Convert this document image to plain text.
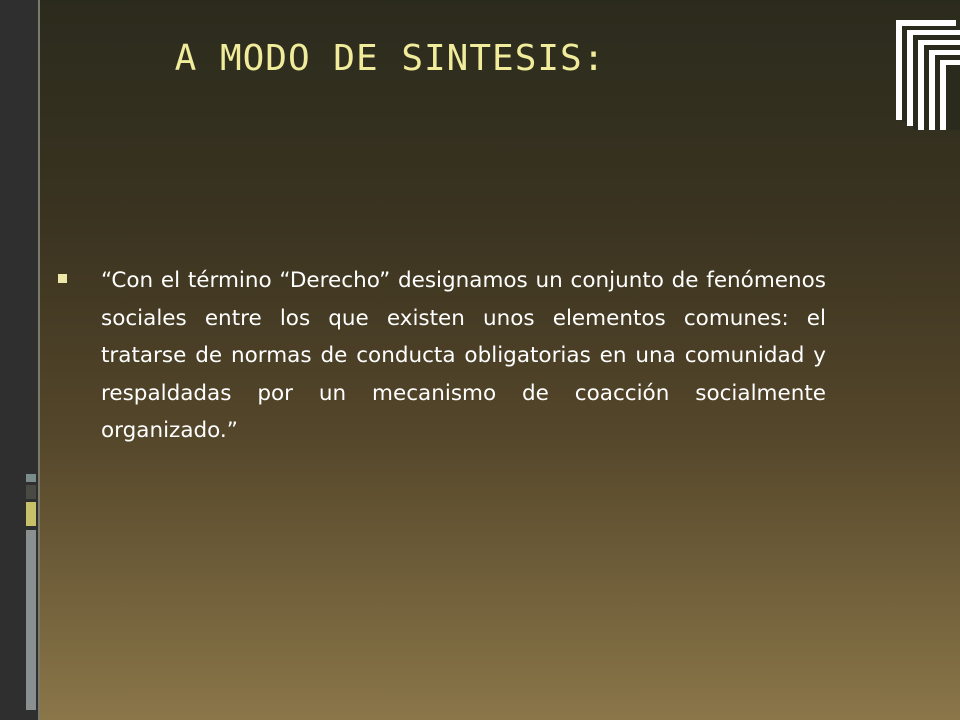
A MODO DE SINTESIS:
“Con el término “Derecho” designamos un conjunto de fenómenos sociales entre los que existen unos elementos comunes: el tratarse de normas de conducta obligatorias en una comunidad y respaldadas por un mecanismo de coacción socialmente organizado.”
